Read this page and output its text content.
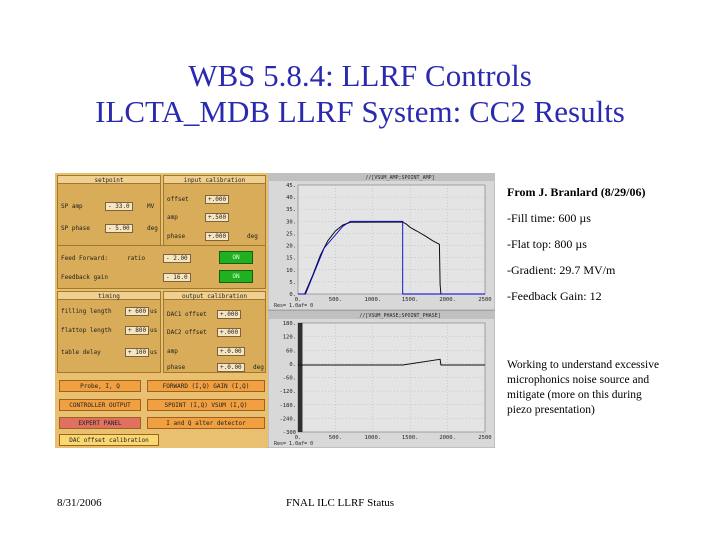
WBS 5.8.4: LLRF Controls
ILCTA_MDB LLRF System: CC2 Results
setpoint	input calibration
SP amp	- 33.0	MV
SP phase	- 5.00	deg
offset	+.000
amp	+.500
phase	+.000	deg
Feed Forward:	ratio	- 2.00	ON
Feedback gain	- 16.0	ON
timing	output calibration
filling length	+ 600 us
flattop length	+ 800 us
table delay	+ 100 us
DAC1 offset	+.000
DAC2 offset	+.000
amp	+.0.00
phase	+.0.00	deg
Probe, I, Q	FORWARD (I,Q) GAIN (I,Q)
CONTROLLER OUTPUT	SPOINT (I,Q) VSUM (I,Q)
EXPERT PANEL	I and Q alter detector
DAC offset calibration
//[VSUM_AMP;SPOINT_AMP]
45.
40.
35.
30.
25.
20.
15.
10.
5.
0.
0.	500.	1000.	1500.	2000.	2500
Res= 1.0af= 0
//[VSUM_PHASE;SPOINT_PHASE]
180.
120.
60.
0.
-60.
-120.
-180.
-240.
-300
0.	500.	1000.	1500.	2000.	2500
Res= 1.0af= 0
From J. Branlard (8/29/06)
-Fill time: 600 µs
-Flat top: 800 µs
-Gradient: 29.7 MV/m
-Feedback Gain: 12
Working to understand excessive microphonics noise source and mitigate (more on this during piezo presentation)
8/31/2006	FNAL ILC LLRF Status
